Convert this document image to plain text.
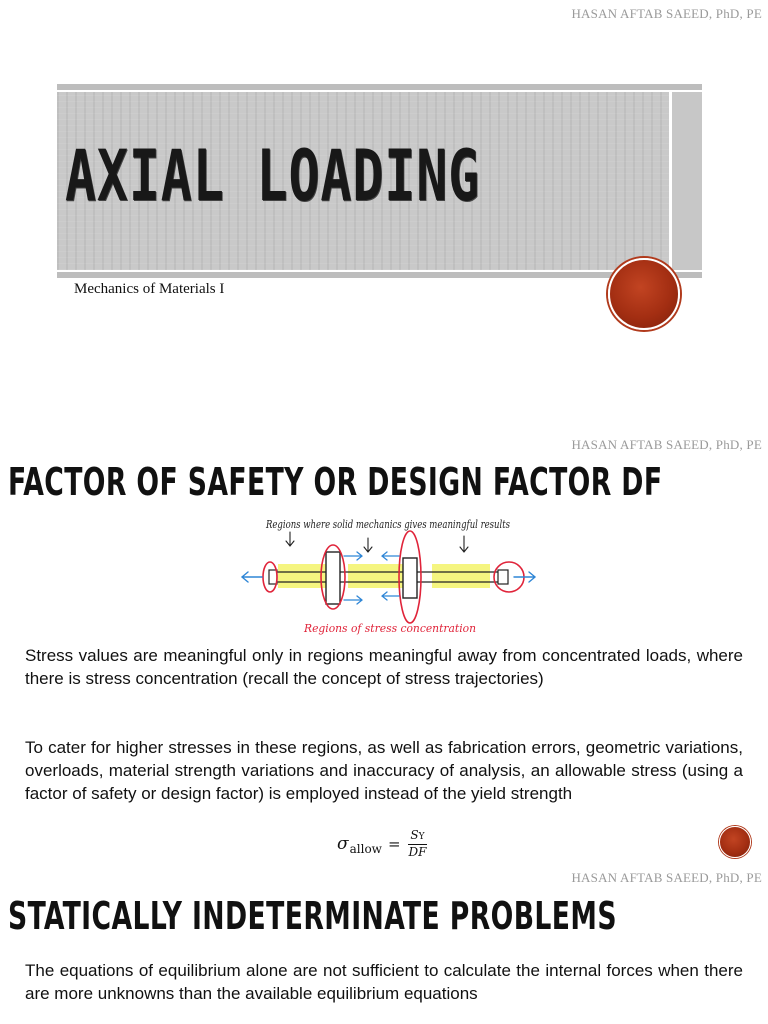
HASAN AFTAB SAEED, PhD, PE
AXIAL LOADING
Mechanics of Materials I
HASAN AFTAB SAEED, PhD, PE
FACTOR OF SAFETY OR DESIGN FACTOR DF
Regions where solid mechanics gives meaningful results
Regions of stress concentration
Stress values are meaningful only in regions meaningful away from concentrated loads, where there is stress concentration (recall the concept of stress trajectories)
To cater for higher stresses in these regions, as well as fabrication errors, geometric variations, overloads, material strength variations and inaccuracy of analysis, an allowable stress (using a factor of safety or design factor) is employed instead of the yield strength
σ allow = $\frac{SY}{DF}$
HASAN AFTAB SAEED, PhD, PE
STATICALLY INDETERMINATE PROBLEMS
The equations of equilibrium alone are not sufficient to calculate the internal forces when there are more unknowns than the available equilibrium equations
